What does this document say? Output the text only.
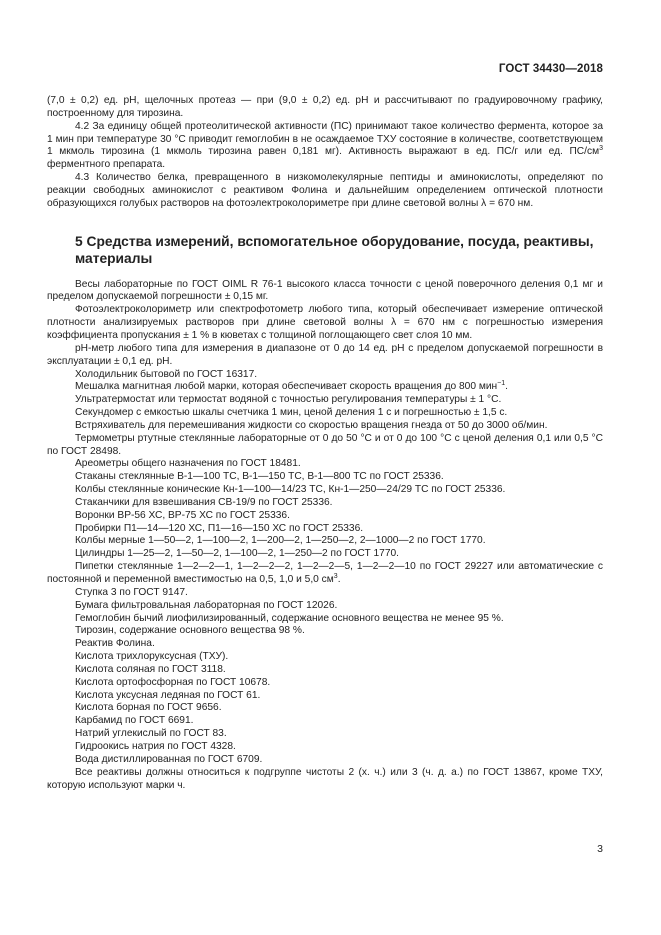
ГОСТ 34430—2018

(7,0 ± 0,2) ед. рН, щелочных протеаз — при (9,0 ± 0,2) ед. рН и рассчитывают по градуировочному графику, построенному для тирозина.

4.2 За единицу общей протеолитической активности (ПС) принимают такое количество фермента, которое за 1 мин при температуре 30 °С приводит гемоглобин в не осаждаемое ТХУ состояние в количестве, соответствующем 1 мкмоль тирозина (1 мкмоль тирозина равен 0,181 мг). Активность выражают в ед. ПС/г или ед. $ПС/см^3$ ферментного препарата.

4.3 Количество белка, превращенного в низкомолекулярные пептиды и аминокислоты, определяют по реакции свободных аминокислот с реактивом Фолина и дальнейшим определением оптической плотности образующихся голубых растворов на фотоэлектроколориметре при длине световой волны λ = 670 нм.

5 Средства измерений, вспомогательное оборудование, посуда, реактивы, материалы

Весы лабораторные по ГОСТ OIML R 76-1 высокого класса точности с ценой поверочного деления 0,1 мг и пределом допускаемой погрешности ± 0,15 мг.

Фотоэлектроколориметр или спектрофотометр любого типа, который обеспечивает измерение оптической плотности анализируемых растворов при длине световой волны λ = 670 нм с погрешностью измерения коэффициента пропускания ± 1 % в кюветах с толщиной поглощающего свет слоя 10 мм.

рН-метр любого типа для измерения в диапазоне от 0 до 14 ед. рН с пределом допускаемой погрешности в эксплуатации ± 0,1 ед. рН.

Холодильник бытовой по ГОСТ 16317.

Мешалка магнитная любой марки, которая обеспечивает скорость вращения до 800 мин$^{-1}$.

Ультратермостат или термостат водяной с точностью регулирования температуры ± 1 °С.

Секундомер с емкостью шкалы счетчика 1 мин, ценой деления 1 с и погрешностью ± 1,5 с.

Встряхиватель для перемешивания жидкости со скоростью вращения гнезда от 50 до 3000 об/мин.

Термометры ртутные стеклянные лабораторные от 0 до 50 °С и от 0 до 100 °С с ценой деления 0,1 или 0,5 °С по ГОСТ 28498.

Ареометры общего назначения по ГОСТ 18481.

Стаканы стеклянные В-1—100 ТС, В-1—150 ТС, В-1—800 ТС по ГОСТ 25336.

Колбы стеклянные конические Кн-1—100—14/23 ТС, Кн-1—250—24/29 ТС по ГОСТ 25336.

Стаканчики для взвешивания СВ-19/9 по ГОСТ 25336.

Воронки ВР-56 ХС, ВР-75 ХС по ГОСТ 25336.

Пробирки П1—14—120 ХС, П1—16—150 ХС по ГОСТ 25336.

Колбы мерные 1—50—2, 1—100—2, 1—200—2, 1—250—2, 2—1000—2 по ГОСТ 1770.

Цилиндры 1—25—2, 1—50—2, 1—100—2, 1—250—2 по ГОСТ 1770.

Пипетки стеклянные 1—2—2—1, 1—2—2—2, 1—2—2—5, 1—2—2—10 по ГОСТ 29227 или автоматические с постоянной и переменной вместимостью на 0,5, 1,0 и 5,0 $см^3$.

Ступка 3 по ГОСТ 9147.

Бумага фильтровальная лабораторная по ГОСТ 12026.

Гемоглобин бычий лиофилизированный, содержание основного вещества не менее 95 %.

Тирозин, содержание основного вещества 98 %.

Реактив Фолина.

Кислота трихлоруксусная (ТХУ).

Кислота соляная по ГОСТ 3118.

Кислота ортофосфорная по ГОСТ 10678.

Кислота уксусная ледяная по ГОСТ 61.

Кислота борная по ГОСТ 9656.

Карбамид по ГОСТ 6691.

Натрий углекислый по ГОСТ 83.

Гидроокись натрия по ГОСТ 4328.

Вода дистиллированная по ГОСТ 6709.

Все реактивы должны относиться к подгруппе чистоты 2 (х. ч.) или 3 (ч. д. а.) по ГОСТ 13867, кроме ТХУ, которую используют марки ч.

3
